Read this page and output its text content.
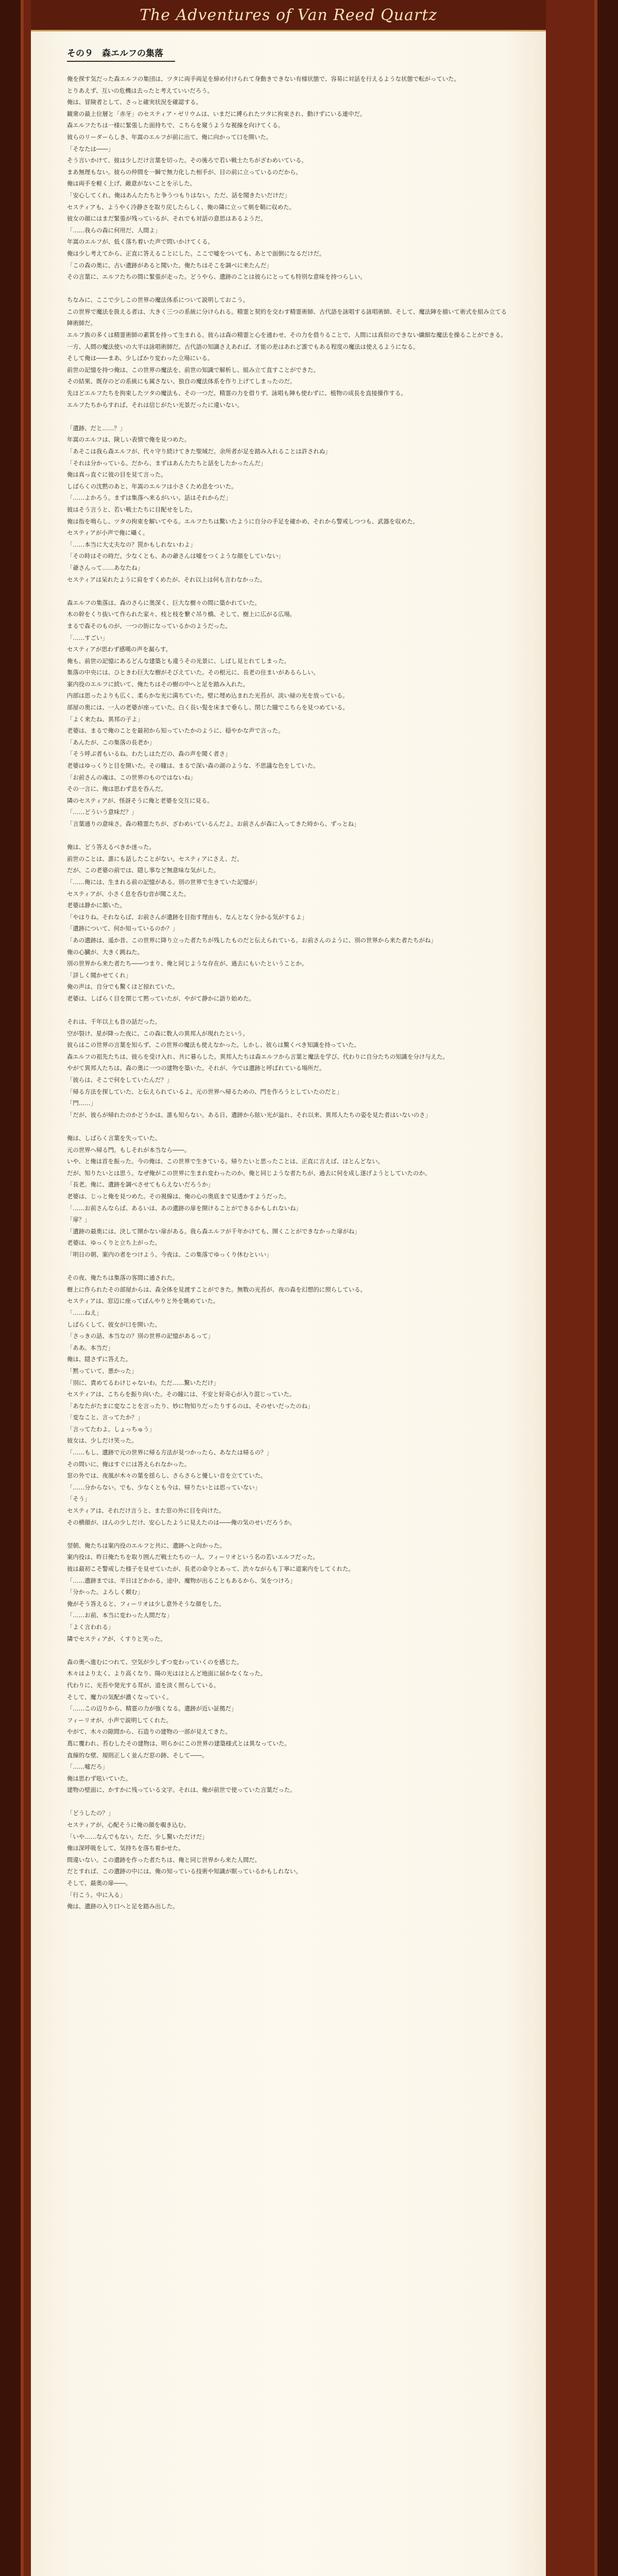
The Adventures of Van Reed Quartz
その９　森エルフの集落

俺を探す気だった森エルフの集団は、ツタに両手両足を締め付けられて身動きできない有様状態で、容易に対話を行えるような状態で転がっていた。

とりあえず、互いの危機は去ったと考えていいだろう。

俺は、冒険者として、さっと確実状況を確認する。

観衆の最上位層と「赤牙」のセスティア・ゼリウムは、いまだに縛られたツタに拘束され、動けずにいる連中だ。

森エルフたちは一様に緊張した面持ちで、こちらを窺うような視線を向けてくる。

彼らのリーダーらしき、年嵩のエルフが前に出て、俺に向かって口を開いた。

「そなたは――」

そう言いかけて、彼は少しだけ言葉を切った。その後ろで若い戦士たちがざわめいている。

まあ無理もない。彼らの仲間を一瞬で無力化した相手が、目の前に立っているのだから。

俺は両手を軽く上げ、敵意がないことを示した。

「安心してくれ。俺はあんたたちと争うつもりはない。ただ、話を聞きたいだけだ」

セスティアも、ようやく冷静さを取り戻したらしく、俺の隣に立って剣を鞘に収めた。

彼女の顔にはまだ緊張が残っているが、それでも対話の意思はあるようだ。

「……我らの森に何用だ、人間よ」

年嵩のエルフが、低く落ち着いた声で問いかけてくる。

俺は少し考えてから、正直に答えることにした。ここで嘘をついても、あとで面倒になるだけだ。

「この森の奥に、古い遺跡があると聞いた。俺たちはそこを調べに来たんだ」

その言葉に、エルフたちの間に緊張が走った。どうやら、遺跡のことは彼らにとっても特別な意味を持つらしい。

ちなみに、ここで少しこの世界の魔法体系について説明しておこう。

この世界で魔法を扱える者は、大きく三つの系統に分けられる。精霊と契約を交わす精霊術師、古代語を詠唱する詠唱術師、そして、魔法陣を描いて術式を組み立てる陣術師だ。

エルフ族の多くは精霊術師の素質を持って生まれる。彼らは森の精霊と心を通わせ、その力を借りることで、人間には真似のできない繊細な魔法を操ることができる。

一方、人間の魔法使いの大半は詠唱術師だ。古代語の知識さえあれば、才能の差はあれど誰でもある程度の魔法は使えるようになる。

そして俺は――まあ、少しばかり変わった立場にいる。

前世の記憶を持つ俺は、この世界の魔法を、前世の知識で解析し、組み立て直すことができた。

その結果、既存のどの系統にも属さない、独自の魔法体系を作り上げてしまったのだ。

先ほどエルフたちを拘束したツタの魔法も、その一つだ。精霊の力を借りず、詠唱も陣も使わずに、植物の成長を直接操作する。

エルフたちからすれば、それは信じがたい光景だったに違いない。

「遺跡、だと……？」

年嵩のエルフは、険しい表情で俺を見つめた。

「あそこは我ら森エルフが、代々守り続けてきた聖域だ。余所者が足を踏み入れることは許されぬ」

「それは分かっている。だから、まずはあんたたちと話をしたかったんだ」

俺は真っ直ぐに彼の目を見て言った。

しばらくの沈黙のあと、年嵩のエルフは小さくため息をついた。

「……よかろう。まずは集落へ来るがいい。話はそれからだ」

彼はそう言うと、若い戦士たちに目配せをした。

俺は指を鳴らし、ツタの拘束を解いてやる。エルフたちは驚いたように自分の手足を確かめ、それから警戒しつつも、武器を収めた。

セスティアが小声で俺に囁く。

「……本当に大丈夫なの？罠かもしれないわよ」

「その時はその時だ。少なくとも、あの爺さんは嘘をつくような顔をしていない」

「爺さんって……あなたね」

セスティアは呆れたように肩をすくめたが、それ以上は何も言わなかった。

森エルフの集落は、森のさらに奥深く、巨大な樹々の間に築かれていた。

木の幹をくり抜いて作られた家々、枝と枝を繋ぐ吊り橋、そして、樹上に広がる広場。

まるで森そのものが、一つの街になっているかのようだった。

「……すごい」

セスティアが思わず感嘆の声を漏らす。

俺も、前世の記憶にあるどんな建築とも違うその光景に、しばし見とれてしまった。

集落の中央には、ひときわ巨大な樹がそびえていた。その根元に、長老の住まいがあるらしい。

案内役のエルフに続いて、俺たちはその樹の中へと足を踏み入れた。

内部は思ったよりも広く、柔らかな光に満ちていた。壁に埋め込まれた光苔が、淡い緑の光を放っている。

部屋の奥には、一人の老婆が座っていた。白く長い髪を床まで垂らし、閉じた瞳でこちらを見つめている。

「よく来たね、異邦の子よ」

老婆は、まるで俺のことを最初から知っていたかのように、穏やかな声で言った。

「あんたが、この集落の長老か」

「そう呼ぶ者もいるね。わたしはただの、森の声を聞く者さ」

老婆はゆっくりと目を開いた。その瞳は、まるで深い森の湖のような、不思議な色をしていた。

「お前さんの魂は、この世界のものではないね」

その一言に、俺は思わず息を呑んだ。

隣のセスティアが、怪訝そうに俺と老婆を交互に見る。

「……どういう意味だ？」

「言葉通りの意味さ。森の精霊たちが、ざわめいているんだよ。お前さんが森に入ってきた時から、ずっとね」

俺は、どう答えるべきか迷った。

前世のことは、誰にも話したことがない。セスティアにさえ、だ。

だが、この老婆の前では、隠し事など無意味な気がした。

「……俺には、生まれる前の記憶がある。別の世界で生きていた記憶が」

セスティアが、小さく息を呑む音が聞こえた。

老婆は静かに頷いた。

「やはりね。それならば、お前さんが遺跡を目指す理由も、なんとなく分かる気がするよ」

「遺跡について、何か知っているのか？」

「あの遺跡は、遥か昔、この世界に降り立った者たちが残したものだと伝えられている。お前さんのように、別の世界から来た者たちがね」

俺の心臓が、大きく跳ねた。

別の世界から来た者たち――つまり、俺と同じような存在が、過去にもいたということか。

「詳しく聞かせてくれ」

俺の声は、自分でも驚くほど掠れていた。

老婆は、しばらく目を閉じて黙っていたが、やがて静かに語り始めた。

それは、千年以上も昔の話だった。

空が裂け、星が降った夜に、この森に数人の異邦人が現れたという。

彼らはこの世界の言葉を知らず、この世界の魔法も使えなかった。しかし、彼らは驚くべき知識を持っていた。

森エルフの祖先たちは、彼らを受け入れ、共に暮らした。異邦人たちは森エルフから言葉と魔法を学び、代わりに自分たちの知識を分け与えた。

やがて異邦人たちは、森の奥に一つの建物を築いた。それが、今では遺跡と呼ばれている場所だ。

「彼らは、そこで何をしていたんだ？」

「帰る方法を探していた、と伝えられているよ。元の世界へ帰るための、門を作ろうとしていたのだと」

「門……」

「だが、彼らが帰れたのかどうかは、誰も知らない。ある日、遺跡から眩い光が溢れ、それ以来、異邦人たちの姿を見た者はいないのさ」

俺は、しばらく言葉を失っていた。

元の世界へ帰る門。もしそれが本当なら――。

いや、と俺は首を振った。今の俺は、この世界で生きている。帰りたいと思ったことは、正直に言えば、ほとんどない。

だが、知りたいとは思う。なぜ俺がこの世界に生まれ変わったのか。俺と同じような者たちが、過去に何を成し遂げようとしていたのか。

「長老。俺に、遺跡を調べさせてもらえないだろうか」

老婆は、じっと俺を見つめた。その視線は、俺の心の奥底まで見透かすようだった。

「……お前さんならば、あるいは、あの遺跡の扉を開けることができるかもしれないね」

「扉？」

「遺跡の最奥には、決して開かない扉がある。我ら森エルフが千年かけても、開くことができなかった扉がね」

老婆は、ゆっくりと立ち上がった。

「明日の朝、案内の者をつけよう。今夜は、この集落でゆっくり休むといい」

その夜、俺たちは集落の客間に通された。

樹上に作られたその部屋からは、森全体を見渡すことができた。無数の光苔が、夜の森を幻想的に照らしている。

セスティアは、窓辺に座ってぼんやりと外を眺めていた。

「……ねえ」

しばらくして、彼女が口を開いた。

「さっきの話、本当なの？別の世界の記憶があるって」

「ああ。本当だ」

俺は、隠さずに答えた。

「黙っていて、悪かった」

「別に、責めてるわけじゃないわ。ただ……驚いただけ」

セスティアは、こちらを振り向いた。その瞳には、不安と好奇心が入り混じっていた。

「あなたがたまに変なことを言ったり、妙に物知りだったりするのは、そのせいだったのね」

「変なこと、言ってたか？」

「言ってたわよ。しょっちゅう」

彼女は、少しだけ笑った。

「……もし、遺跡で元の世界に帰る方法が見つかったら、あなたは帰るの？」

その問いに、俺はすぐには答えられなかった。

窓の外では、夜風が木々の葉を揺らし、さらさらと優しい音を立てていた。

「……分からない。でも、少なくとも今は、帰りたいとは思っていない」

「そう」

セスティアは、それだけ言うと、また窓の外に目を向けた。

その横顔が、ほんの少しだけ、安心したように見えたのは――俺の気のせいだろうか。

翌朝、俺たちは案内役のエルフと共に、遺跡へと向かった。

案内役は、昨日俺たちを取り囲んだ戦士たちの一人、フィーリオという名の若いエルフだった。

彼は最初こそ警戒した様子を見せていたが、長老の命令とあって、渋々ながらも丁寧に道案内をしてくれた。

「……遺跡までは、半日ほどかかる。途中、魔物が出ることもあるから、気をつけろ」

「分かった。よろしく頼む」

俺がそう答えると、フィーリオは少し意外そうな顔をした。

「……お前、本当に変わった人間だな」

「よく言われる」

隣でセスティアが、くすりと笑った。

森の奥へ進むにつれて、空気が少しずつ変わっていくのを感じた。

木々はより太く、より高くなり、陽の光はほとんど地面に届かなくなった。

代わりに、光苔や発光する茸が、道を淡く照らしている。

そして、魔力の気配が濃くなっていく。

「……この辺りから、精霊の力が強くなる。遺跡が近い証拠だ」

フィーリオが、小声で説明してくれた。

やがて、木々の隙間から、石造りの建物の一部が見えてきた。

蔦に覆われ、苔むしたその建物は、明らかにこの世界の建築様式とは異なっていた。

直線的な壁、規則正しく並んだ窓の跡、そして――。

「……嘘だろ」

俺は思わず呟いていた。

建物の壁面に、かすかに残っている文字。それは、俺が前世で使っていた言葉だった。

「どうしたの？」

セスティアが、心配そうに俺の顔を覗き込む。

「いや……なんでもない。ただ、少し驚いただけだ」

俺は深呼吸をして、気持ちを落ち着かせた。

間違いない。この遺跡を作った者たちは、俺と同じ世界から来た人間だ。

だとすれば、この遺跡の中には、俺の知っている技術や知識が眠っているかもしれない。

そして、最奥の扉――。

「行こう。中に入る」

俺は、遺跡の入り口へと足を踏み出した。
